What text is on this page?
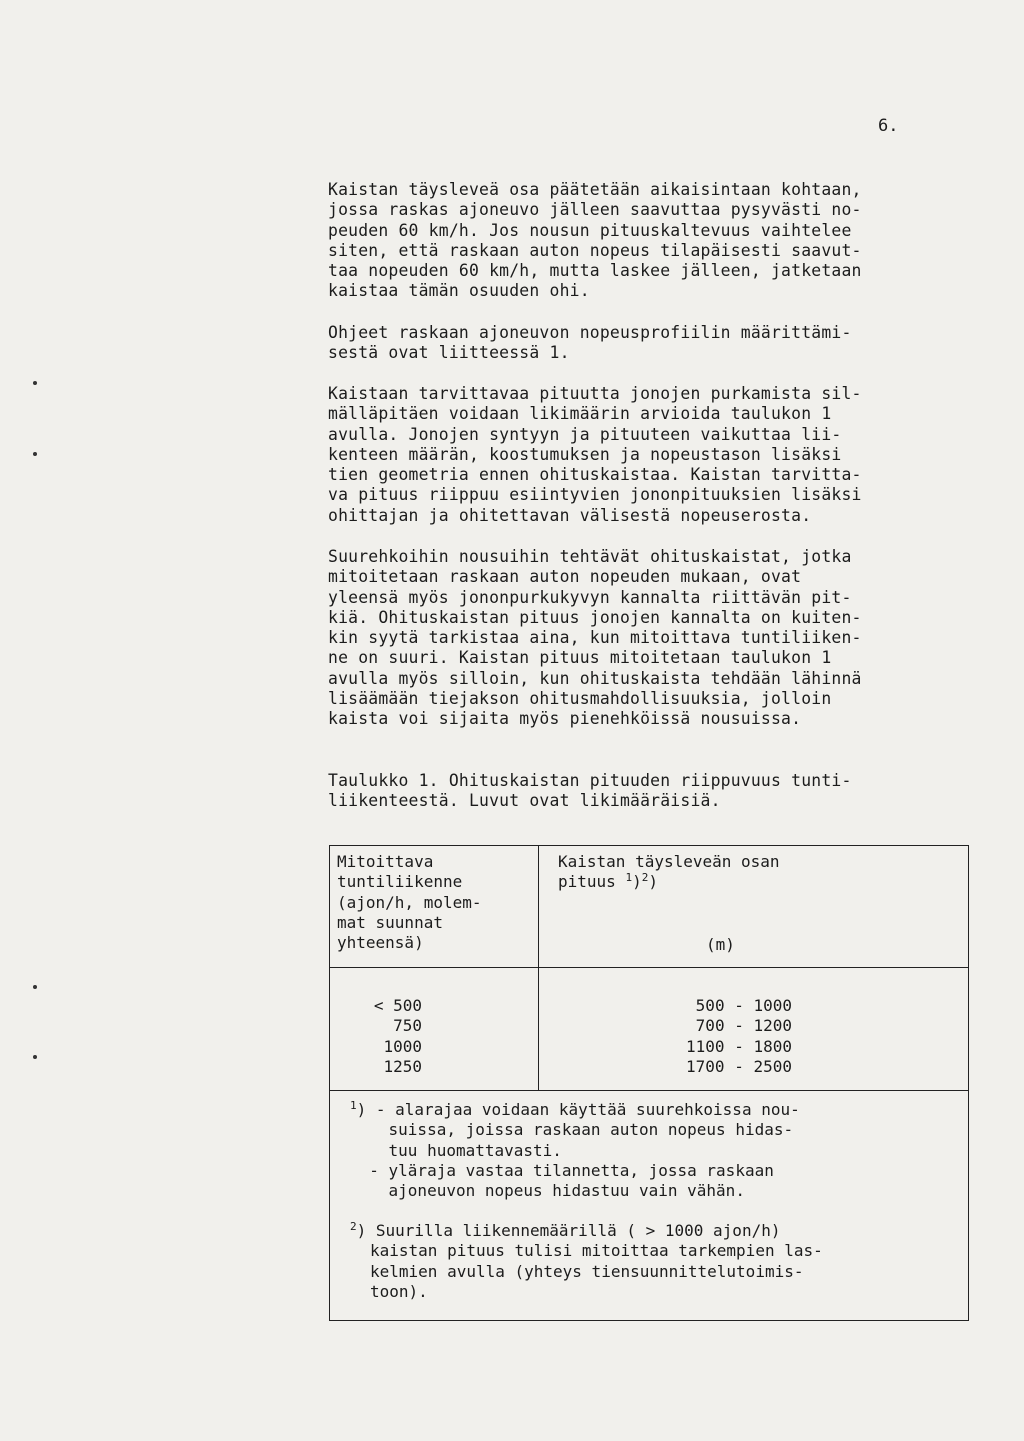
6.
Kaistan täysleveä osa päätetään aikaisintaan kohtaan,
jossa raskas ajoneuvo jälleen saavuttaa pysyvästi no-
peuden 60 km/h. Jos nousun pituuskaltevuus vaihtelee
siten, että raskaan auton nopeus tilapäisesti saavut-
taa nopeuden 60 km/h, mutta laskee jälleen, jatketaan
kaistaa tämän osuuden ohi.
Ohjeet raskaan ajoneuvon nopeusprofiilin määrittämi-
sestä ovat liitteessä 1.
Kaistaan tarvittavaa pituutta jonojen purkamista sil-
mälläpitäen voidaan likimäärin arvioida taulukon 1
avulla. Jonojen syntyyn ja pituuteen vaikuttaa lii-
kenteen määrän, koostumuksen ja nopeustason lisäksi
tien geometria ennen ohituskaistaa. Kaistan tarvitta-
va pituus riippuu esiintyvien jononpituuksien lisäksi
ohittajan ja ohitettavan välisestä nopeuserosta.
Suurehkoihin nousuihin tehtävät ohituskaistat, jotka
mitoitetaan raskaan auton nopeuden mukaan, ovat
yleensä myös jononpurkukyvyn kannalta riittävän pit-
kiä. Ohituskaistan pituus jonojen kannalta on kuiten-
kin syytä tarkistaa aina, kun mitoittava tuntiliiken-
ne on suuri. Kaistan pituus mitoitetaan taulukon 1
avulla myös silloin, kun ohituskaista tehdään lähinnä
lisäämään tiejakson ohitusmahdollisuuksia, jolloin
kaista voi sijaita myös pienehköissä nousuissa.
Taulukko 1. Ohituskaistan pituuden riippuvuus tunti-
liikenteestä. Luvut ovat likimääräisiä.
Mitoittava
tuntiliikenne
(ajon/h, molem-
mat suunnat
yhteensä)
Kaistan täysleveän osan
pituus $^1$)$^2$)
(m)
< 500
750
1000
1250
500 - 1000
700 - 1200
1100 - 1800
1700 - 2500
$^1$) - alarajaa voidaan käyttää suurehkoissa nou-
suissa, joissa raskaan auton nopeus hidas-
tuu huomattavasti.
- yläraja vastaa tilannetta, jossa raskaan
ajoneuvon nopeus hidastuu vain vähän.
$^2$) Suurilla liikennemäärillä ( > 1000 ajon/h)
kaistan pituus tulisi mitoittaa tarkempien las-
kelmien avulla (yhteys tiensuunnittelutoimis-
toon).
